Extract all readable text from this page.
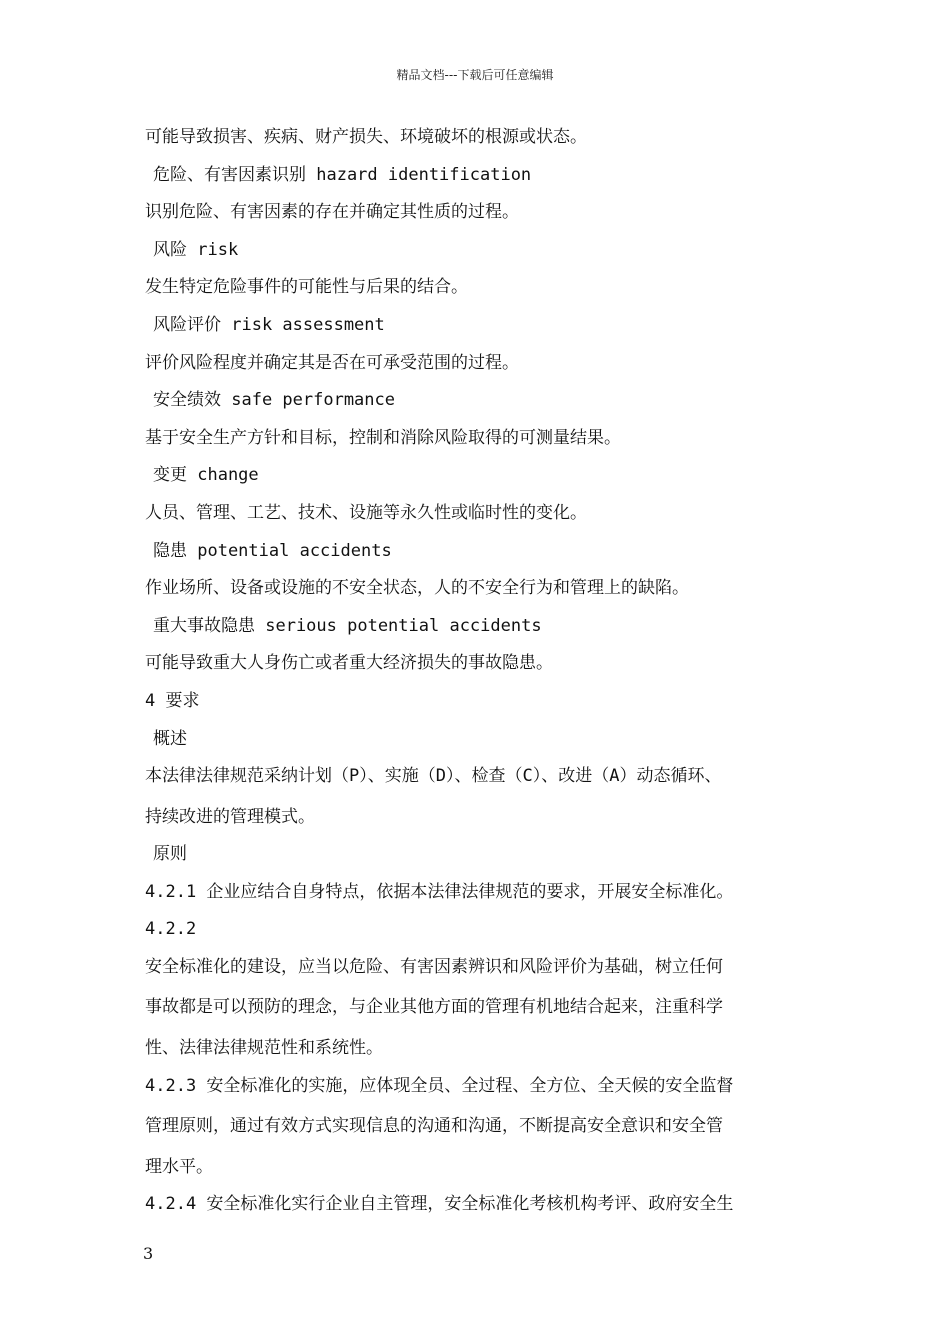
精品文档---下载后可任意编辑
可能导致损害、疾病、财产损失、环境破坏的根源或状态。
危险、有害因素识别 hazard identification
识别危险、有害因素的存在并确定其性质的过程。
风险 risk
发生特定危险事件的可能性与后果的结合。
风险评价 risk assessment
评价风险程度并确定其是否在可承受范围的过程。
安全绩效 safe performance
基于安全生产方针和目标，控制和消除风险取得的可测量结果。
变更 change
人员、管理、工艺、技术、设施等永久性或临时性的变化。
隐患 potential accidents
作业场所、设备或设施的不安全状态，人的不安全行为和管理上的缺陷。
重大事故隐患 serious potential accidents
可能导致重大人身伤亡或者重大经济损失的事故隐患。
4 要求
概述
本法律法律规范采纳计划（P）、实施（D）、检查（C）、改进（A）动态循环、
持续改进的管理模式。
原则
4.2.1 企业应结合自身特点，依据本法律法律规范的要求，开展安全标准化。
4.2.2
安全标准化的建设，应当以危险、有害因素辨识和风险评价为基础，树立任何
事故都是可以预防的理念，与企业其他方面的管理有机地结合起来，注重科学
性、法律法律规范性和系统性。
4.2.3 安全标准化的实施，应体现全员、全过程、全方位、全天候的安全监督
管理原则，通过有效方式实现信息的沟通和沟通，不断提高安全意识和安全管
理水平。
4.2.4 安全标准化实行企业自主管理，安全标准化考核机构考评、政府安全生
3
